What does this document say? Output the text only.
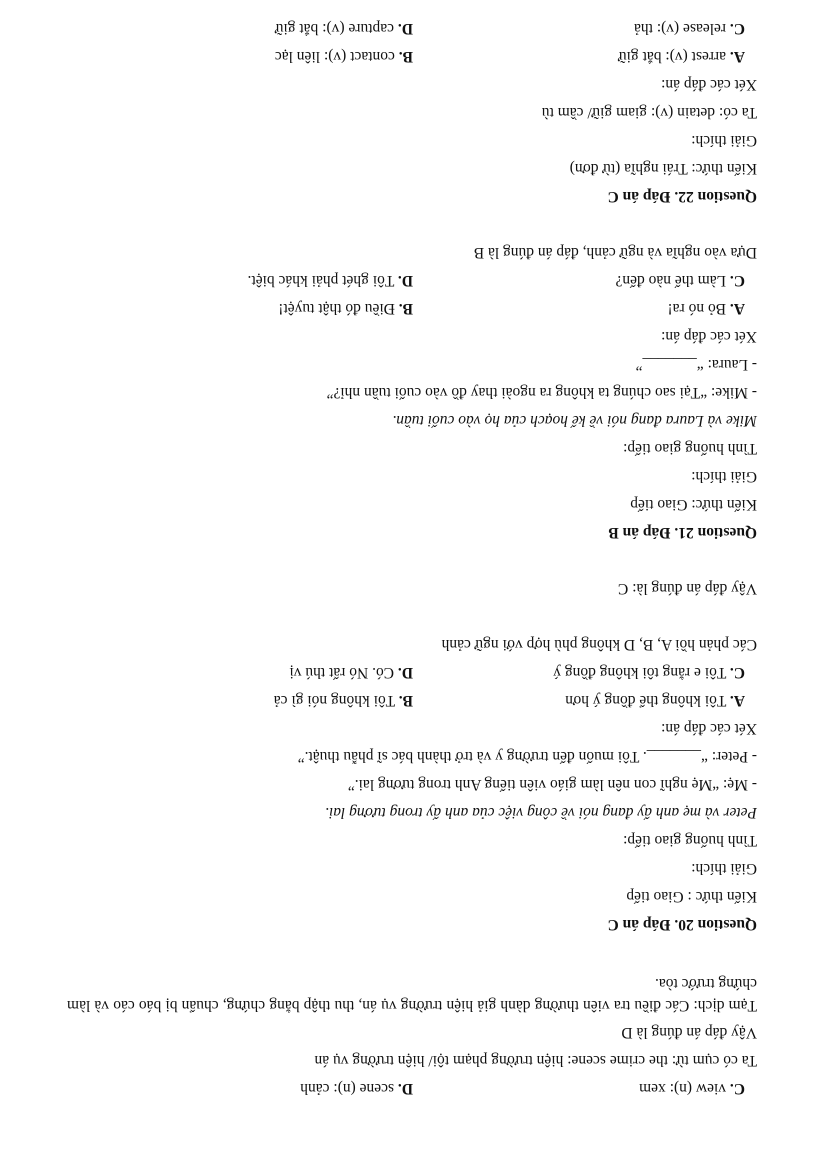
C. view (n): xem
D. scene (n): cảnh

Ta có cụm từ: the crime scene: hiện trường phạm tội/ hiện trường vụ án

Vậy đáp án đúng là D

Tạm dịch: Các điều tra viên thường dành giả hiện trường vụ án, thu thập bằng chứng, chuẩn bị báo cáo và làm chứng trước tòa.

Question 20. Đáp án C

Kiến thức : Giao tiếp

Giải thích:

Tình huống giao tiếp:

Peter và mẹ anh ấy đang nói về công việc của anh ấy trong tương lai.

- Mẹ: “Mẹ nghĩ con nên làm giáo viên tiếng Anh trong tương lai.”

- Peter: “_______. Tôi muốn đến trường y và trở thành bác sĩ phẫu thuật.”

Xét các đáp án:

A. Tôi không thể đồng ý hơn
B. Tôi không nói gì cả
C. Tôi e rằng tôi không đồng ý
D. Có. Nó rất thú vị

Các phản hồi A, B, D không phù hợp với ngữ cảnh

Vậy đáp án đúng là: C

Question 21. Đáp án B

Kiến thức: Giao tiếp

Giải thích:

Tình huống giao tiếp:

Mike và Laura đang nói về kế hoạch của họ vào cuối tuần.

- Mike: “Tại sao chúng ta không ra ngoài thay đồ vào cuối tuần nhỉ?”

- Laura: “_______”

Xét các đáp án:

A. Bỏ nó ra!
B. Điều đó thật tuyệt!
C. Làm thế nào đến?
D. Tôi ghét phải khác biệt.

Dựa vào nghĩa và ngữ cảnh, đáp án đúng là B

Question 22. Đáp án C

Kiến thức: Trái nghĩa (từ đơn)

Giải thích:

Ta có: detain (v): giam giữ/ cầm tù

Xét các đáp án:

A. arrest (v): bắt giữ
B. contact (v): liên lạc
C. release (v): thả
D. capture (v): bắt giữ
